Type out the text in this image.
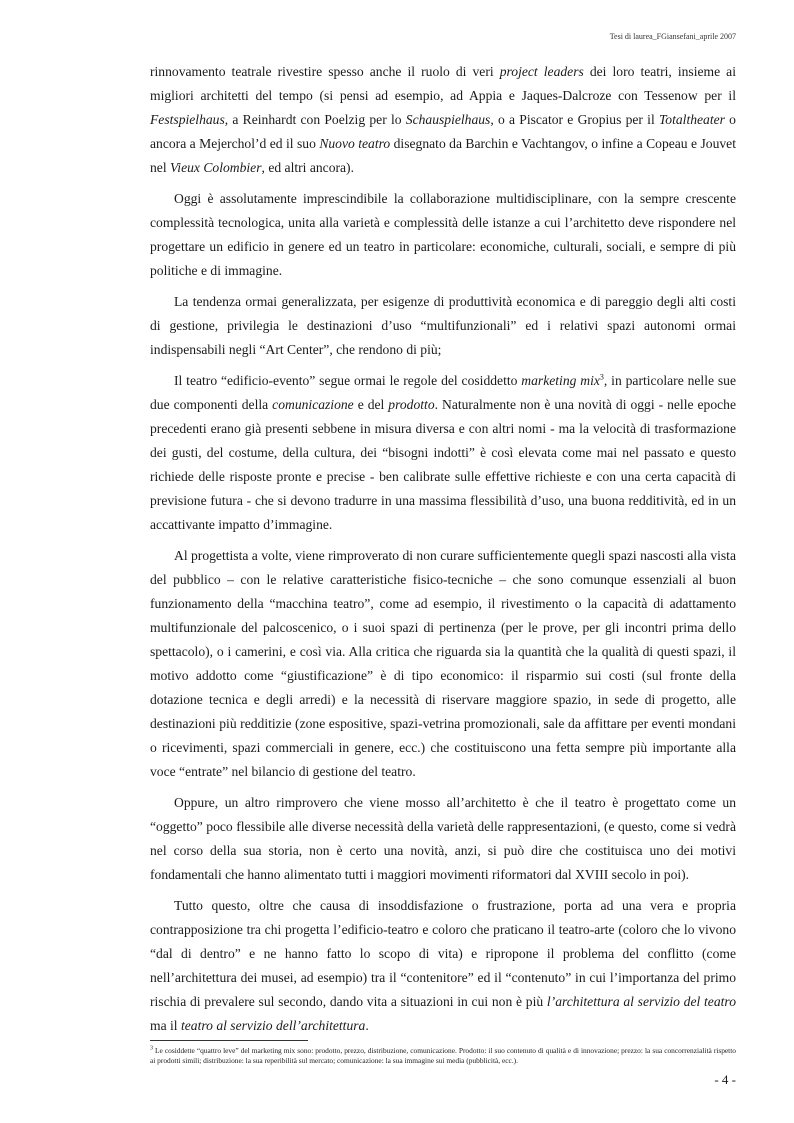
Tesi di laurea_FGiansefani_aprile 2007

rinnovamento teatrale rivestire spesso anche il ruolo di veri project leaders dei loro teatri, insieme ai migliori architetti del tempo (si pensi ad esempio, ad Appia e Jaques-Dalcroze con Tessenow per il Festspielhaus, a Reinhardt con Poelzig per lo Schauspielhaus, o a Piscator e Gropius per il Totaltheater o ancora a Mejerchol’d ed il suo Nuovo teatro disegnato da Barchin e Vachtangov, o infine a Copeau e Jouvet nel Vieux Colombier, ed altri ancora).

Oggi è assolutamente imprescindibile la collaborazione multidisciplinare, con la sempre crescente complessità tecnologica, unita alla varietà e complessità delle istanze a cui l’architetto deve rispondere nel progettare un edificio in genere ed un teatro in particolare: economiche, culturali, sociali, e sempre di più politiche e di immagine.

La tendenza ormai generalizzata, per esigenze di produttività economica e di pareggio degli alti costi di gestione, privilegia le destinazioni d’uso “multifunzionali” ed i relativi spazi autonomi ormai indispensabili negli “Art Center”, che rendono di più;

Il teatro “edificio-evento” segue ormai le regole del cosiddetto marketing mix$^3$, in particolare nelle sue due componenti della comunicazione e del prodotto. Naturalmente non è una novità di oggi - nelle epoche precedenti erano già presenti sebbene in misura diversa e con altri nomi - ma la velocità di trasformazione dei gusti, del costume, della cultura, dei “bisogni indotti” è così elevata come mai nel passato e questo richiede delle risposte pronte e precise - ben calibrate sulle effettive richieste e con una certa capacità di previsione futura - che si devono tradurre in una massima flessibilità d’uso, una buona redditività, ed in un accattivante impatto d’immagine.

Al progettista a volte, viene rimproverato di non curare sufficientemente quegli spazi nascosti alla vista del pubblico – con le relative caratteristiche fisico-tecniche – che sono comunque essenziali al buon funzionamento della “macchina teatro”, come ad esempio, il rivestimento o la capacità di adattamento multifunzionale del palcoscenico, o i suoi spazi di pertinenza (per le prove, per gli incontri prima dello spettacolo), o i camerini, e così via. Alla critica che riguarda sia la quantità che la qualità di questi spazi, il motivo addotto come “giustificazione” è di tipo economico: il risparmio sui costi (sul fronte della dotazione tecnica e degli arredi) e la necessità di riservare maggiore spazio, in sede di progetto, alle destinazioni più redditizie (zone espositive, spazi-vetrina promozionali, sale da affittare per eventi mondani o ricevimenti, spazi commerciali in genere, ecc.) che costituiscono una fetta sempre più importante alla voce “entrate” nel bilancio di gestione del teatro.

Oppure, un altro rimprovero che viene mosso all’architetto è che il teatro è progettato come un “oggetto” poco flessibile alle diverse necessità della varietà delle rappresentazioni, (e questo, come si vedrà nel corso della sua storia, non è certo una novità, anzi, si può dire che costituisca uno dei motivi fondamentali che hanno alimentato tutti i maggiori movimenti riformatori dal XVIII secolo in poi).

Tutto questo, oltre che causa di insoddisfazione o frustrazione, porta ad una vera e propria contrapposizione tra chi progetta l’edificio-teatro e coloro che praticano il teatro-arte (coloro che lo vivono “dal di dentro” e ne hanno fatto lo scopo di vita) e ripropone il problema del conflitto (come nell’architettura dei musei, ad esempio) tra il “contenitore” ed il “contenuto” in cui l’importanza del primo rischia di prevalere sul secondo, dando vita a situazioni in cui non è più l’architettura al servizio del teatro ma il teatro al servizio dell’architettura.

$^3$ Le cosiddette “quattro leve” del marketing mix sono: prodotto, prezzo, distribuzione, comunicazione. Prodotto: il suo contenuto di qualità e di innovazione; prezzo: la sua concorrenzialità rispetto ai prodotti simili; distribuzione: la sua reperibilità sul mercato; comunicazione: la sua immagine sui media (pubblicità, ecc.).
- 4 -
